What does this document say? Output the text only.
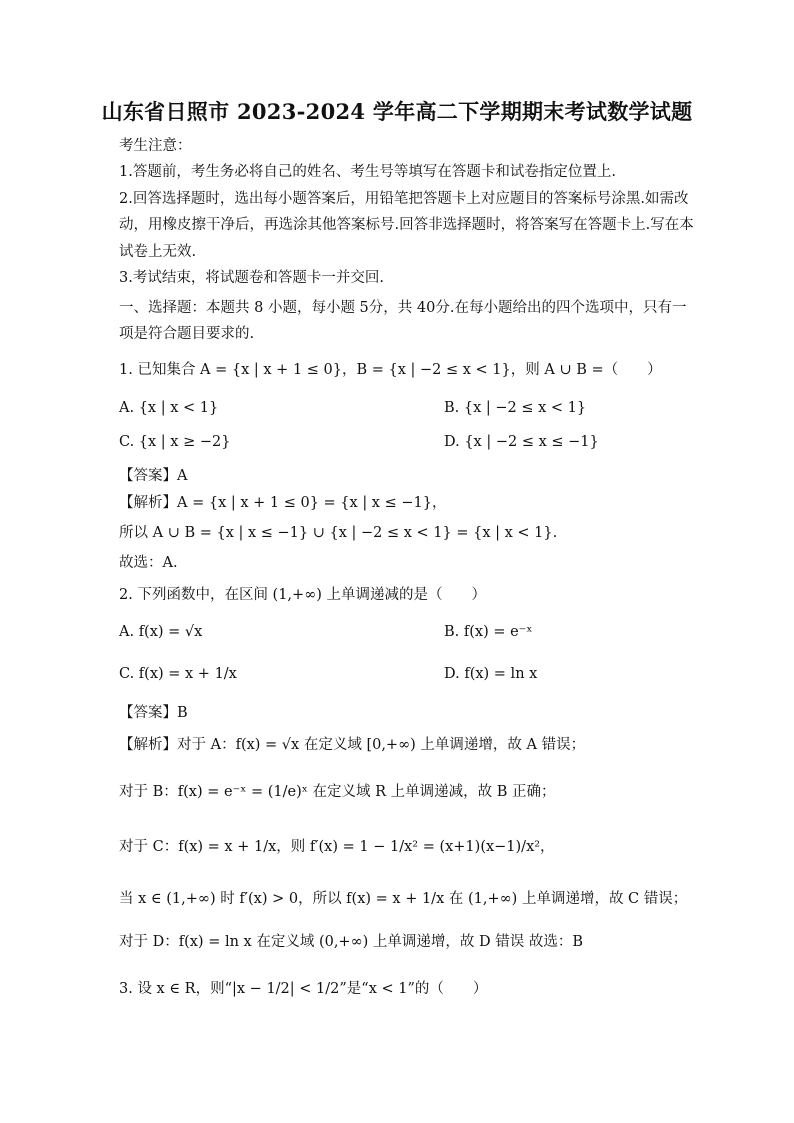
山东省日照市 2023-2024 学年高二下学期期末考试数学试题
考生注意：
1.答题前，考生务必将自己的姓名、考生号等填写在答题卡和试卷指定位置上.
2.回答选择题时，选出每小题答案后，用铅笔把答题卡上对应题目的答案标号涂黑.如需改
动，用橡皮擦干净后，再选涂其他答案标号.回答非选择题时，将答案写在答题卡上.写在本
试卷上无效.
3.考试结束，将试题卷和答题卡一并交回.
一、选择题：本题共 8 小题，每小题 5分，共 40分.在每小题给出的四个选项中，只有一
项是符合题目要求的.
1. 已知集合 A = {x | x + 1 ≤ 0}，B = {x | −2 ≤ x < 1}，则 A ∪ B =（　　）
A. {x | x < 1}	B. {x | −2 ≤ x < 1}
C. {x | x ≥ −2}	D. {x | −2 ≤ x ≤ −1}
【答案】A
【解析】A = {x | x + 1 ≤ 0} = {x | x ≤ −1}，
所以 A ∪ B = {x | x ≤ −1} ∪ {x | −2 ≤ x < 1} = {x | x < 1}.
故选：A.
2. 下列函数中，在区间 (1,+∞) 上单调递减的是（　　）
A. f(x) = √x	B. f(x) = e⁻ˣ
C. f(x) = x + 1/x	D. f(x) = ln x
【答案】B
【解析】对于 A：f(x) = √x 在定义域 [0,+∞) 上单调递增，故 A 错误；
对于 B：f(x) = e⁻ˣ = (1/e)ˣ 在定义域 R 上单调递减，故 B 正确；
对于 C：f(x) = x + 1/x，则 f′(x) = 1 − 1/x² = (x+1)(x−1)/x²，
当 x ∈ (1,+∞) 时 f′(x) > 0，所以 f(x) = x + 1/x 在 (1,+∞) 上单调递增，故 C 错误；
对于 D：f(x) = ln x 在定义域 (0,+∞) 上单调递增，故 D 错误 故选：B
3. 设 x ∈ R，则“|x − 1/2| < 1/2”是“x < 1”的（　　）
